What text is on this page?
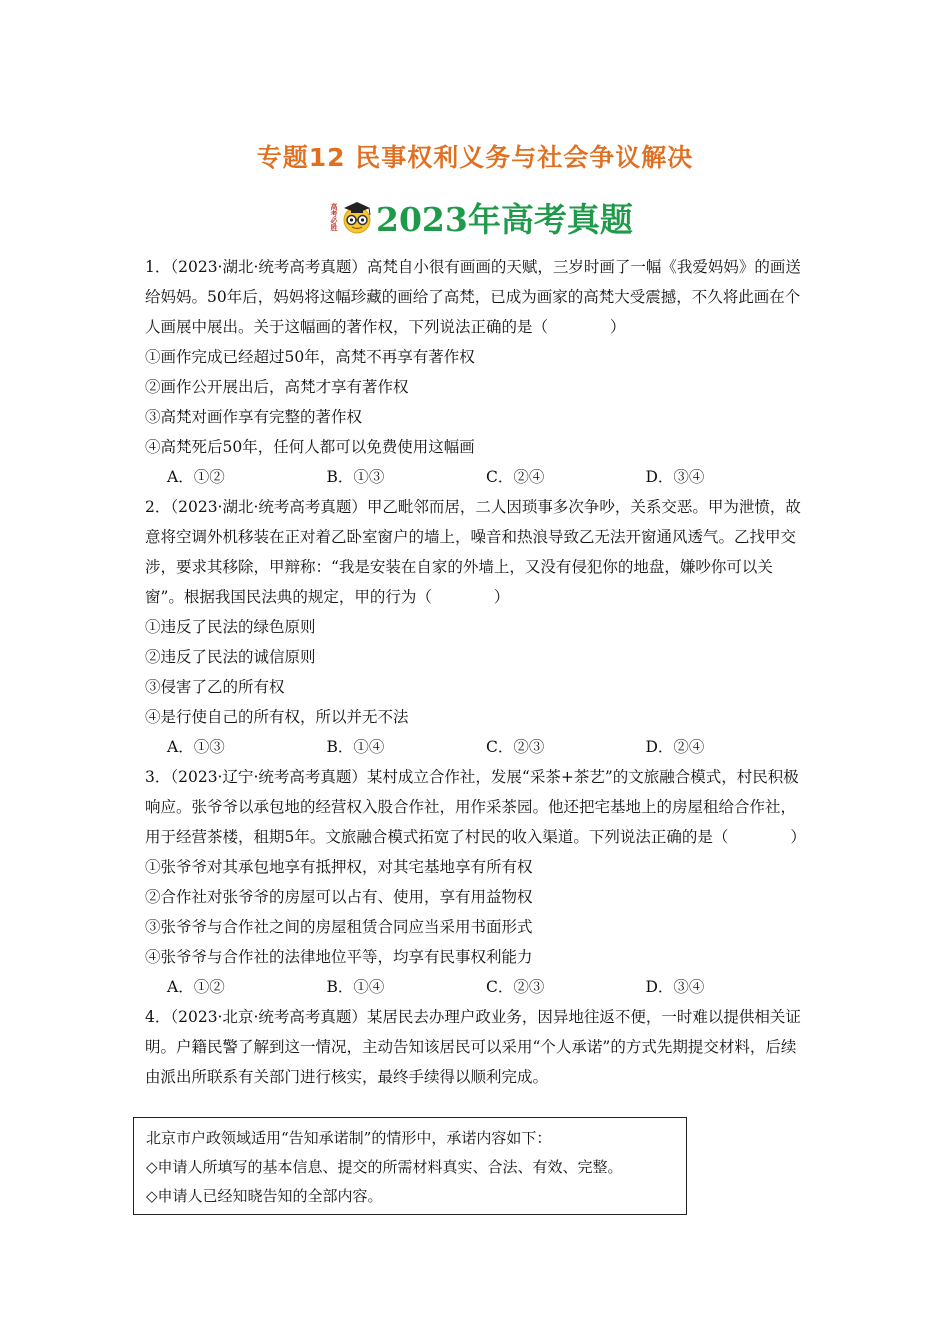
专题12 民事权利义务与社会争议解决
高考必胜 2023年高考真题

1．（2023·湖北·统考高考真题）高梵自小很有画画的天赋，三岁时画了一幅《我爱妈妈》的画送给妈妈。50年后，妈妈将这幅珍藏的画给了高梵，已成为画家的高梵大受震撼，不久将此画在个人画展中展出。关于这幅画的著作权，下列说法正确的是（　　　　）

①画作完成已经超过50年，高梵不再享有著作权

②画作公开展出后，高梵才享有著作权

③高梵对画作享有完整的著作权

④高梵死后50年，任何人都可以免费使用这幅画

A．①②	B．①③	C．②④	D．③④

2．（2023·湖北·统考高考真题）甲乙毗邻而居，二人因琐事多次争吵，关系交恶。甲为泄愤，故意将空调外机移装在正对着乙卧室窗户的墙上，噪音和热浪导致乙无法开窗通风透气。乙找甲交涉，要求其移除，甲辩称：“我是安装在自家的外墙上，又没有侵犯你的地盘，嫌吵你可以关窗”。根据我国民法典的规定，甲的行为（　　　　）

①违反了民法的绿色原则

②违反了民法的诚信原则

③侵害了乙的所有权

④是行使自己的所有权，所以并无不法

A．①③	B．①④	C．②③	D．②④

3．（2023·辽宁·统考高考真题）某村成立合作社，发展“采茶+茶艺”的文旅融合模式，村民积极响应。张爷爷以承包地的经营权入股合作社，用作采茶园。他还把宅基地上的房屋租给合作社，用于经营茶楼，租期5年。文旅融合模式拓宽了村民的收入渠道。下列说法正确的是（　　　　）

①张爷爷对其承包地享有抵押权，对其宅基地享有所有权

②合作社对张爷爷的房屋可以占有、使用，享有用益物权

③张爷爷与合作社之间的房屋租赁合同应当采用书面形式

④张爷爷与合作社的法律地位平等，均享有民事权利能力

A．①②	B．①④	C．②③	D．③④

4．（2023·北京·统考高考真题）某居民去办理户政业务，因异地往返不便，一时难以提供相关证明。户籍民警了解到这一情况，主动告知该居民可以采用“个人承诺”的方式先期提交材料，后续由派出所联系有关部门进行核实，最终手续得以顺利完成。

北京市户政领域适用“告知承诺制”的情形中，承诺内容如下：

◇申请人所填写的基本信息、提交的所需材料真实、合法、有效、完整。

◇申请人已经知晓告知的全部内容。
